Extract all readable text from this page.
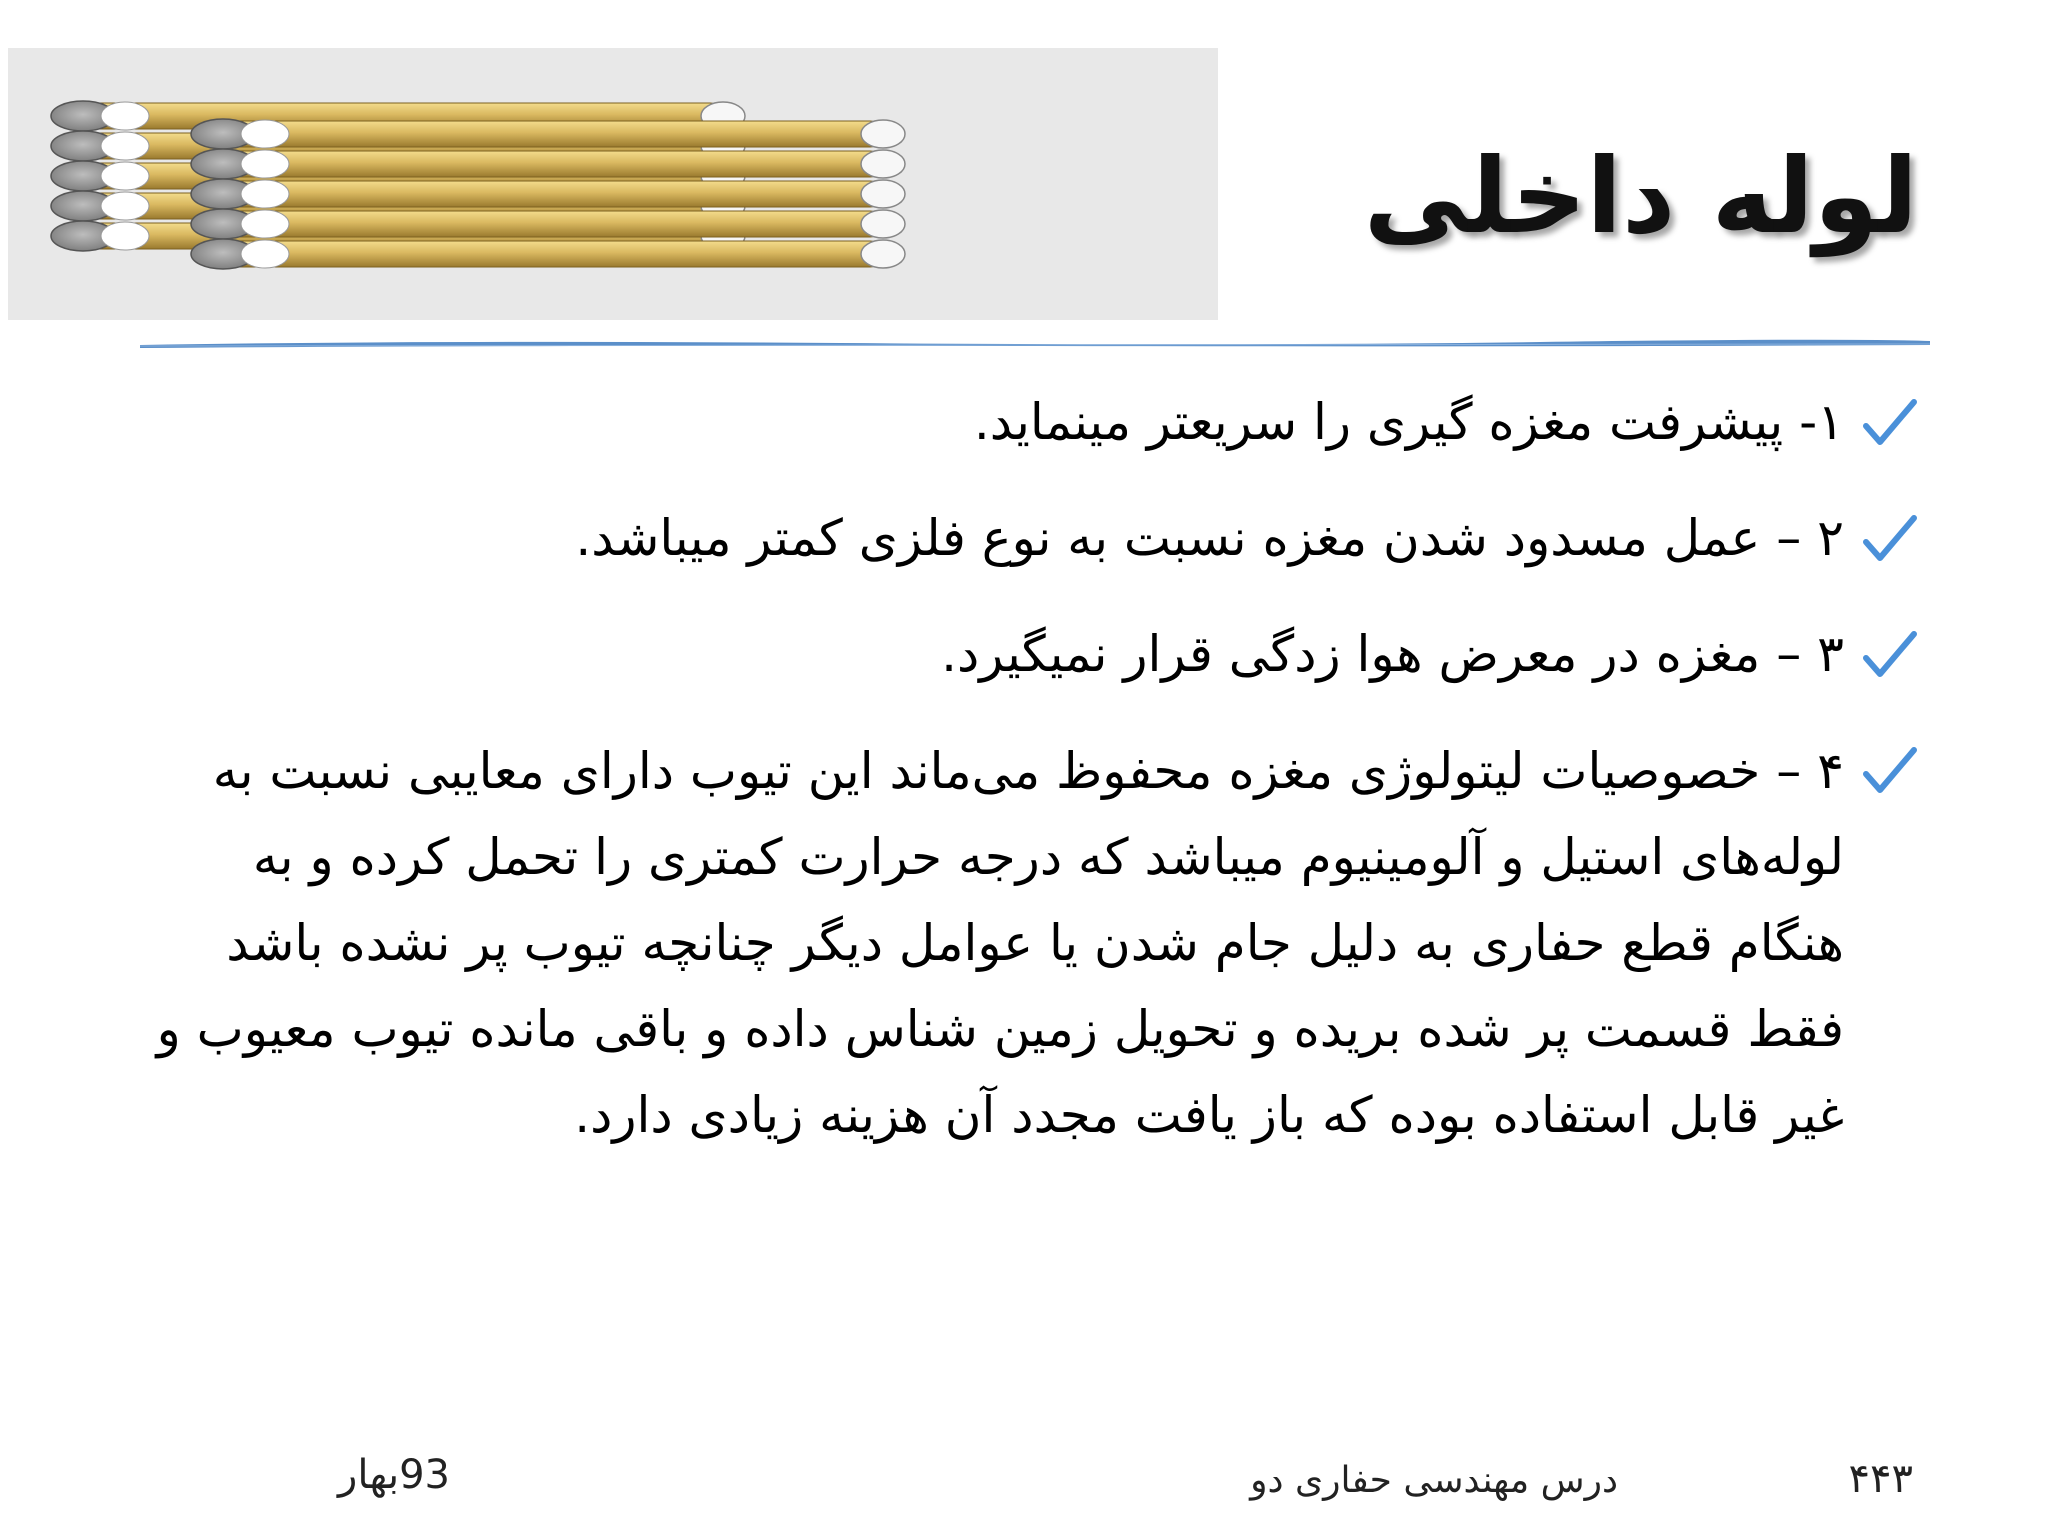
لوله داخلی
۱- پیشرفت مغزه گیری را سریعتر مینماید.
۲ – عمل مسدود شدن مغزه نسبت به نوع فلزی کمتر میباشد.
۳ – مغزه در معرض هوا زدگی قرار نمیگیرد.
۴ – خصوصیات لیتولوژی مغزه محفوظ می‌ماند این تیوب دارای معایبی نسبت به لوله‌های استیل و آلومینیوم میباشد که درجه حرارت کمتری را تحمل کرده و به هنگام قطع حفاری به دلیل جام شدن یا عوامل دیگر چنانچه تیوب پر نشده باشد فقط قسمت پر شده بریده و تحویل زمین شناس داده و باقی مانده تیوب معیوب و غیر قابل استفاده بوده که باز یافت مجدد آن هزینه زیادی دارد.
93بهار	درس مهندسی حفاری دو	۴۴۳
